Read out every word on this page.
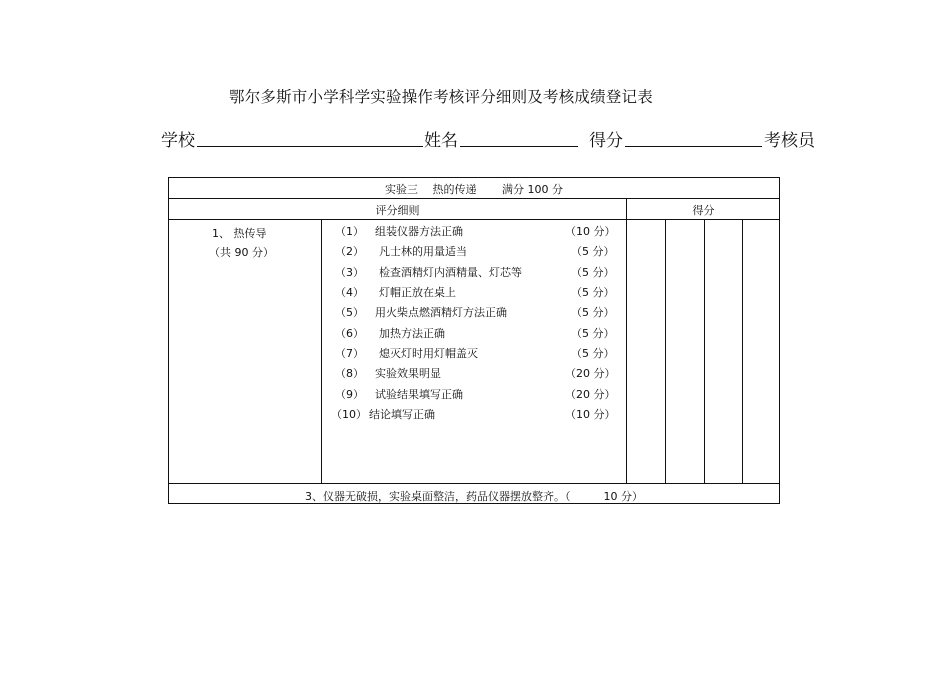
鄂尔多斯市小学科学实验操作考核评分细则及考核成绩登记表
学校	姓名	得分	考核员
实验三　 热的传递　　 满分 100 分
评分细则	得分
1、 热传导
（共 90 分）
（1） 组装仪器方法正确	（10 分）
（2） 凡士林的用量适当	（5 分）
（3） 检查酒精灯内酒精量、灯芯等	（5 分）
（4） 灯帽正放在桌上	（5 分）
（5） 用火柴点燃酒精灯方法正确	（5 分）
（6） 加热方法正确	（5 分）
（7） 熄灭灯时用灯帽盖灭	（5 分）
（8） 实验效果明显	（20 分）
（9） 试验结果填写正确	（20 分）
（10） 结论填写正确	（10 分）
3、仪器无破损，实验桌面整洁，药品仪器摆放整齐。（　　　10 分）
